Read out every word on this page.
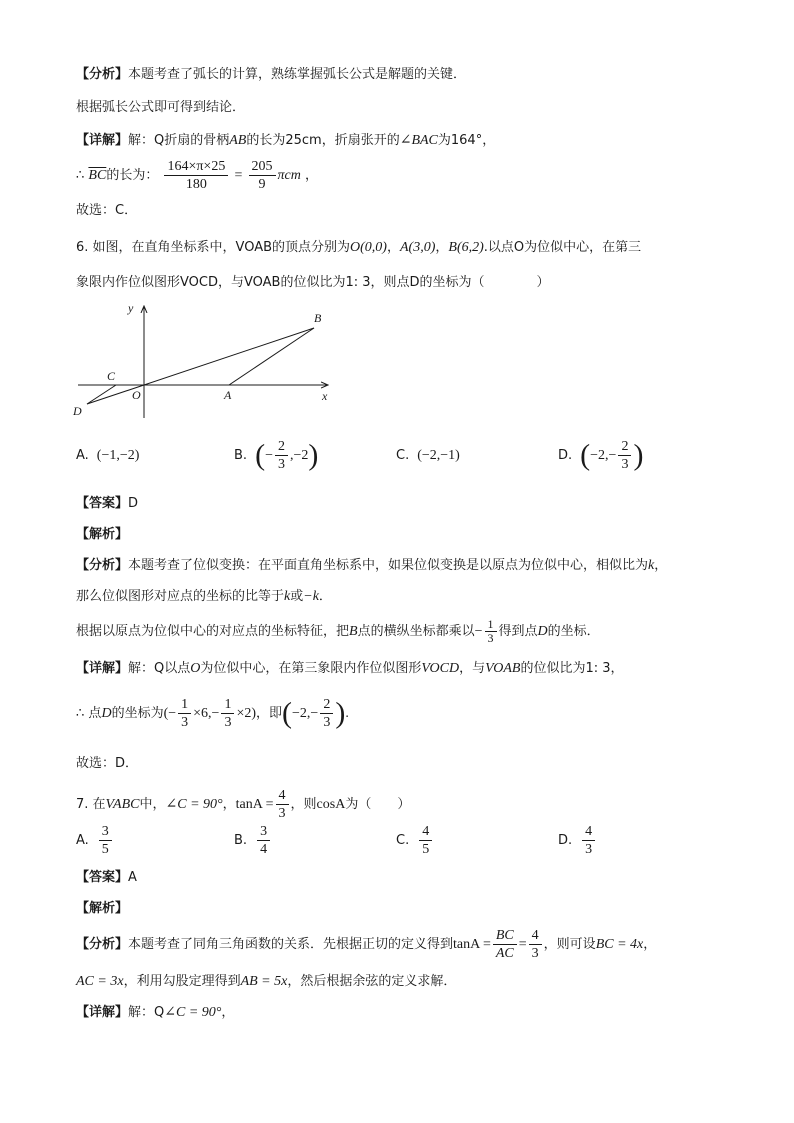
【分析】本题考查了弧长的计算，熟练掌握弧长公式是解题的关键．
根据弧长公式即可得到结论．
【详解】解：Q折扇的骨柄AB的长为25cm，折扇张开的∠BAC为164°，
∴ $\overline{BC}$的长为： $\frac{164\times\pi\times 25}{180} = \frac{205}{9}$ πcm ，
故选：C．
6. 如图，在直角坐标系中，VOAB的顶点分别为O(0,0)，A(3,0)，B(6,2).以点O为位似中心，在第三
象限内作位似图形VOCD，与VOAB的位似比为1: 3，则点D的坐标为（　　　　）
y
x
B
C
O	A
D
A. (−1,−2)	B. (− $\frac{2}{3} ,-2$)	C. (−2,−1)	D. ($-2,- \frac{2}{3}$ )
【答案】D
【解析】
【分析】本题考查了位似变换：在平面直角坐标系中，如果位似变换是以原点为位似中心，相似比为k，
那么位似图形对应点的坐标的比等于k或−k．
根据以原点为位似中心的对应点的坐标特征，把B点的横纵坐标都乘以− $\frac{1}{3}$ 得到点D的坐标．
【详解】解：Q以点O为位似中心，在第三象限内作位似图形VOCD，与VOAB的位似比为1: 3，
∴ 点D的坐标为(− $\frac{1}{3} \times 6,- \frac{1}{3} \times 2$)，即($-2,- \frac{2}{3}$ ).
故选：D．
7. 在VABC中，∠C = 90°，$\tan A = \frac{4}{3}$ ，则cosA为（　　）
A. $\frac{3}{5}$	B. $\frac{3}{4}$	C. $\frac{4}{5}$	D. $\frac{4}{3}$
【答案】A
【解析】
【分析】本题考查了同角三角函数的关系．先根据正切的定义得到$\tan A = \frac{BC}{AC} = \frac{4}{3}$ ，则可设BC = 4x，
AC = 3x，利用勾股定理得到AB = 5x，然后根据余弦的定义求解．
【详解】解：Q∠C = 90°，
